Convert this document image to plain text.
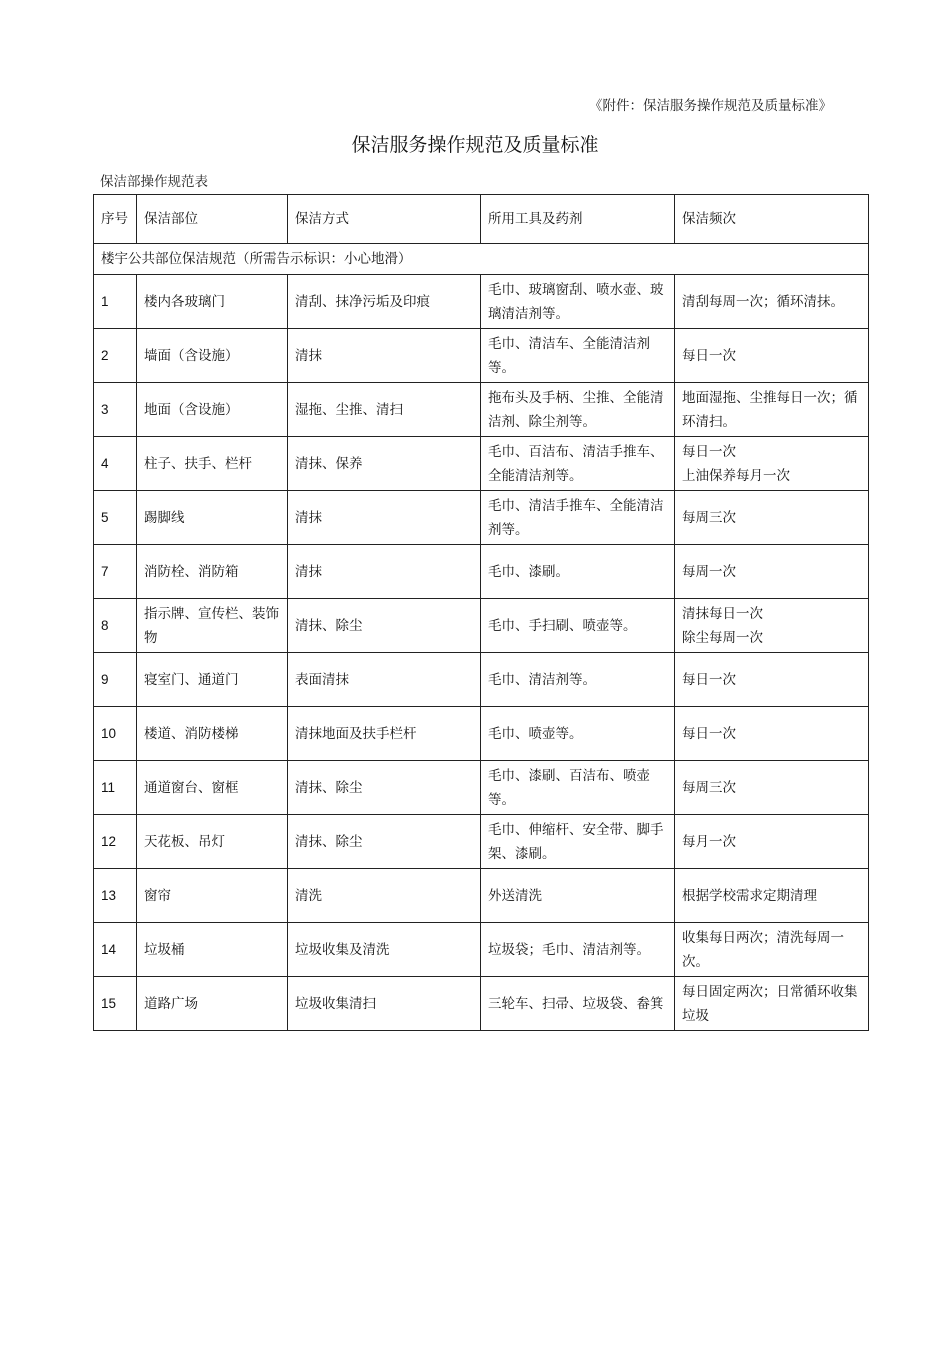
《附件：保洁服务操作规范及质量标准》
保洁服务操作规范及质量标准
保洁部操作规范表
序号	保洁部位	保洁方式	所用工具及药剂	保洁频次
楼宇公共部位保洁规范（所需告示标识：小心地滑）				
1	楼内各玻璃门	清刮、抹净污垢及印痕	毛巾、玻璃窗刮、喷水壶、玻璃清洁剂等。	清刮每周一次；循环清抹。
2	墙面（含设施）	清抹	毛巾、清洁车、全能清洁剂等。	每日一次
3	地面（含设施）	湿拖、尘推、清扫	拖布头及手柄、尘推、全能清洁剂、除尘剂等。	地面湿拖、尘推每日一次；循环清扫。
4	柱子、扶手、栏杆	清抹、保养	毛巾、百洁布、清洁手推车、全能清洁剂等。	每日一次
上油保养每月一次
5	踢脚线	清抹	毛巾、清洁手推车、全能清洁剂等。	每周三次
7	消防栓、消防箱	清抹	毛巾、漆刷。	每周一次
8	指示牌、宣传栏、装饰物	清抹、除尘	毛巾、手扫刷、喷壶等。	清抹每日一次
除尘每周一次
9	寝室门、通道门	表面清抹	毛巾、清洁剂等。	每日一次
10	楼道、消防楼梯	清抹地面及扶手栏杆	毛巾、喷壶等。	每日一次
11	通道窗台、窗框	清抹、除尘	毛巾、漆刷、百洁布、喷壶等。	每周三次
12	天花板、吊灯	清抹、除尘	毛巾、伸缩杆、安全带、脚手架、漆刷。	每月一次
13	窗帘	清洗	外送清洗	根据学校需求定期清理
14	垃圾桶	垃圾收集及清洗	垃圾袋；毛巾、清洁剂等。	收集每日两次；清洗每周一次。
15	道路广场	垃圾收集清扫	三轮车、扫帚、垃圾袋、畚箕	每日固定两次；日常循环收集垃圾
